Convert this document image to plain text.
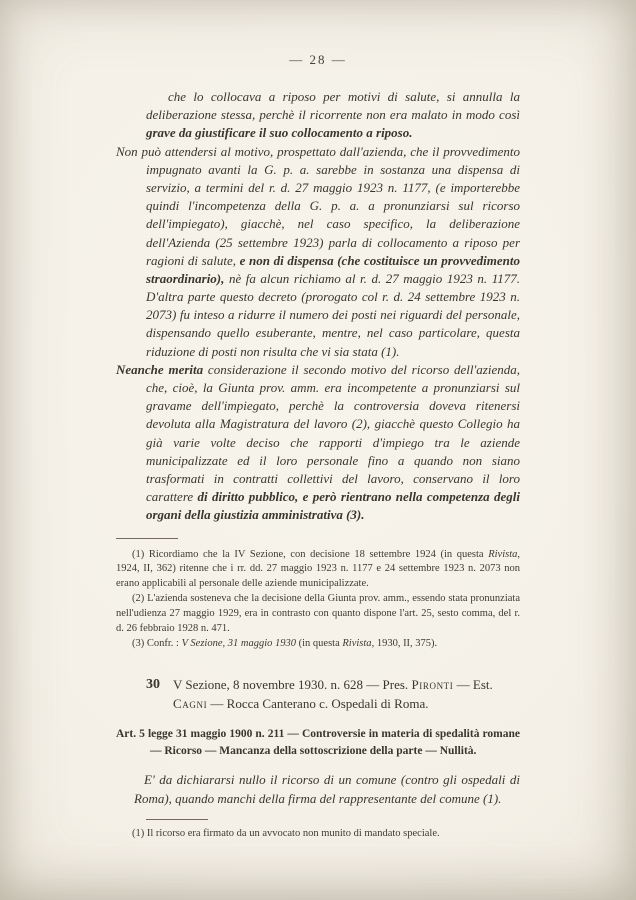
— 28 —

che lo collocava a riposo per motivi di salute, si annulla la deliberazione stessa, perchè il ricorrente non era malato in modo così grave da giustificare il suo collocamento a riposo.

Non può attendersi al motivo, prospettato dall'azienda, che il provvedimento impugnato avanti la G. p. a. sarebbe in sostanza una dispensa di servizio, a termini del r. d. 27 maggio 1923 n. 1177, (e importerebbe quindi l'incompetenza della G. p. a. a pronunziarsi sul ricorso dell'impiegato), giacchè, nel caso specifico, la deliberazione dell'Azienda (25 settembre 1923) parla di collocamento a riposo per ragioni di salute, e non di dispensa (che costituisce un provvedimento straordinario), nè fa alcun richiamo al r. d. 27 maggio 1923 n. 1177. D'altra parte questo decreto (prorogato col r. d. 24 settembre 1923 n. 2073) fu inteso a ridurre il numero dei posti nei riguardi del personale, dispensando quello esuberante, mentre, nel caso particolare, questa riduzione di posti non risulta che vi sia stata (1).

Neanche merita considerazione il secondo motivo del ricorso dell'azienda, che, cioè, la Giunta prov. amm. era incompetente a pronunziarsi sul gravame dell'impiegato, perchè la controversia doveva ritenersi devoluta alla Magistratura del lavoro (2), giacchè questo Collegio ha già varie volte deciso che rapporti d'impiego tra le aziende municipalizzate ed il loro personale fino a quando non siano trasformati in contratti collettivi del lavoro, conservano il loro carattere di diritto pubblico, e però rientrano nella competenza degli organi della giustizia amministrativa (3).

(1) Ricordiamo che la IV Sezione, con decisione 18 settembre 1924 (in questa Rivista, 1924, II, 362) ritenne che i rr. dd. 27 maggio 1923 n. 1177 e 24 settembre 1923 n. 2073 non erano applicabili al personale delle aziende municipalizzate.

(2) L'azienda sosteneva che la decisione della Giunta prov. amm., essendo stata pronunziata nell'udienza 27 maggio 1929, era in contrasto con quanto dispone l'art. 25, sesto comma, del r. d. 26 febbraio 1928 n. 471.

(3) Confr. : V Sezione, 31 maggio 1930 (in questa Rivista, 1930, II, 375).

30 V Sezione, 8 novembre 1930. n. 628 — Pres. Pironti — Est. Cagni — Rocca Canterano c. Ospedali di Roma.

Art. 5 legge 31 maggio 1900 n. 211 — Controversie in materia di spedalità romane — Ricorso — Mancanza della sottoscrizione della parte — Nullità.

E' da dichiararsi nullo il ricorso di un comune (contro gli ospedali di Roma), quando manchi della firma del rappresentante del comune (1).

(1) Il ricorso era firmato da un avvocato non munito di mandato speciale.
